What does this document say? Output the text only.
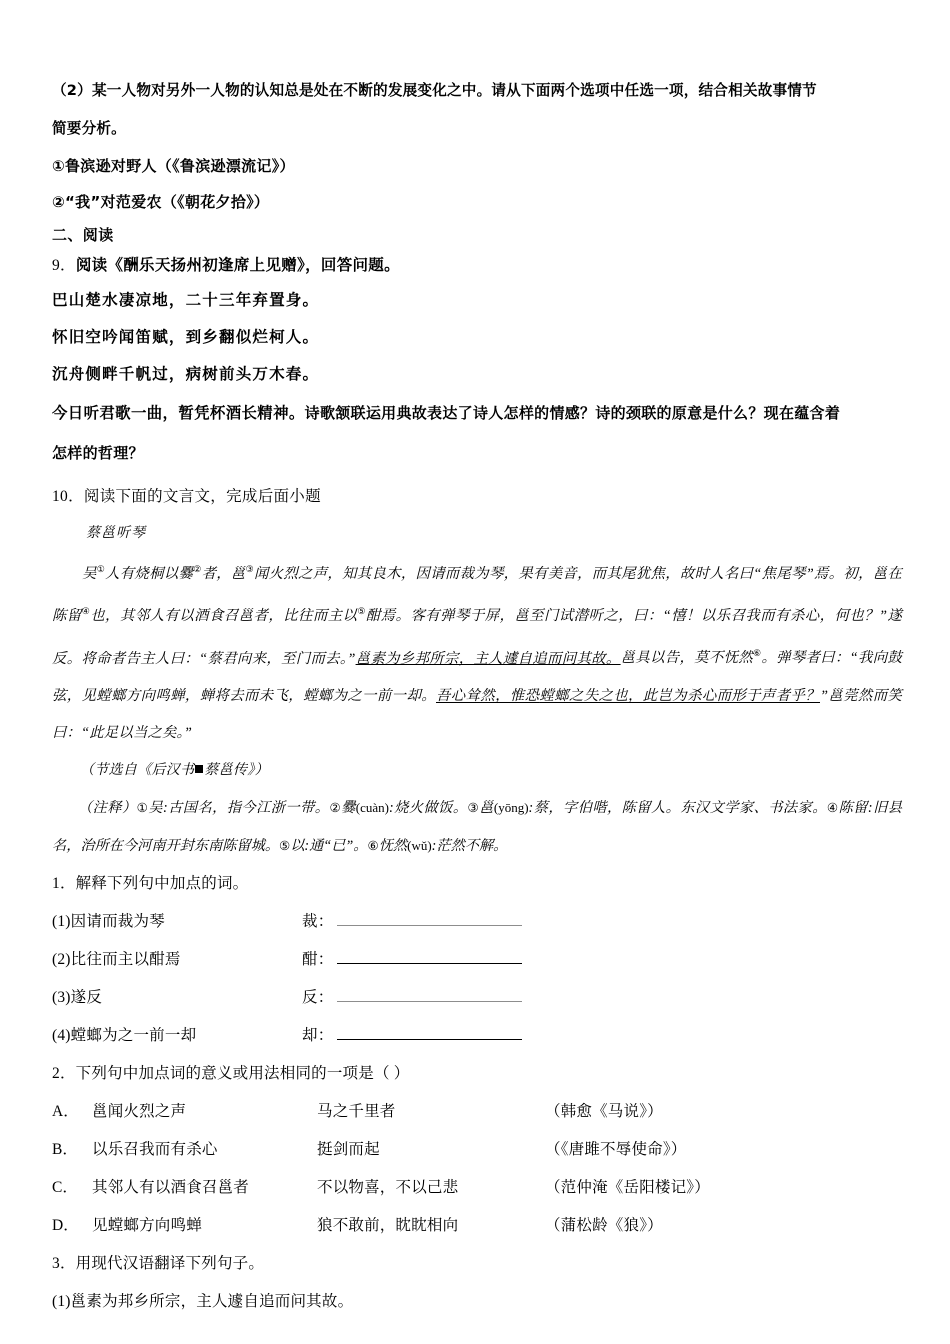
（2）某一人物对另外一人物的认知总是处在不断的发展变化之中。请从下面两个选项中任选一项，结合相关故事情节
简要分析。
①鲁滨逊对野人（《鲁滨逊漂流记》）
②“我”对范爱农（《朝花夕拾》）
二、阅读
9．阅读《酬乐天扬州初逢席上见赠》，回答问题。
巴山楚水凄凉地，二十三年弃置身。
怀旧空吟闻笛赋，到乡翻似烂柯人。
沉舟侧畔千帆过，病树前头万木春。
今日听君歌一曲，暂凭杯酒长精神。诗歌颔联运用典故表达了诗人怎样的情感？诗的颈联的原意是什么？现在蕴含着
怎样的哲理？
10．阅读下面的文言文，完成后面小题
蔡邕听琴
吴①人有烧桐以爨②者，邕③闻火烈之声，知其良木，因请而裁为琴，果有美音，而其尾犹焦，故时人名曰“焦尾琴”焉。初，邕在陈留④也，其邻人有以酒食召邕者，比往而主以⑤酣焉。客有弹琴于屏，邕至门试潜听之，曰：“憘！以乐召我而有杀心，何也？”遂反。将命者告主人曰：“蔡君向来，至门而去。”邕素为乡邦所宗，主人遽自追而问其故。邕具以告，莫不怃然⑥。弹琴者曰：“我向鼓弦，见螳螂方向鸣蝉，蝉将去而未飞，螳螂为之一前一却。吾心耸然，惟恐螳螂之失之也，此岂为杀心而形于声者乎？”邕莞然而笑曰：“此足以当之矣。”
（节选自《后汉书 蔡邕传》）
（注释）①吴:古国名，指今江浙一带。②爨(cuàn):烧火做饭。③邕(yōng):蔡，字伯喈，陈留人。东汉文学家、书法家。④陈留:旧县名，治所在今河南开封东南陈留城。⑤以:通“已”。⑥怃然(wǔ):茫然不解。
1．解释下列句中加点的词。
(1)因请而裁为琴	裁：
(2)比往而主以酣焉	酣：
(3)遂反	反：
(4)螳螂为之一前一却	却：
2．下列句中加点词的意义或用法相同的一项是（ ）
A． 邕闻火烈之声	马之千里者	（韩愈《马说》）
B． 以乐召我而有杀心	挺剑而起	（《唐雎不辱使命》）
C． 其邻人有以酒食召邕者	不以物喜，不以己悲	（范仲淹《岳阳楼记》）
D． 见螳螂方向鸣蝉	狼不敢前，眈眈相向	（蒲松龄《狼》）
3．用现代汉语翻译下列句子。
(1)邕素为邦乡所宗，主人遽自追而问其故。
